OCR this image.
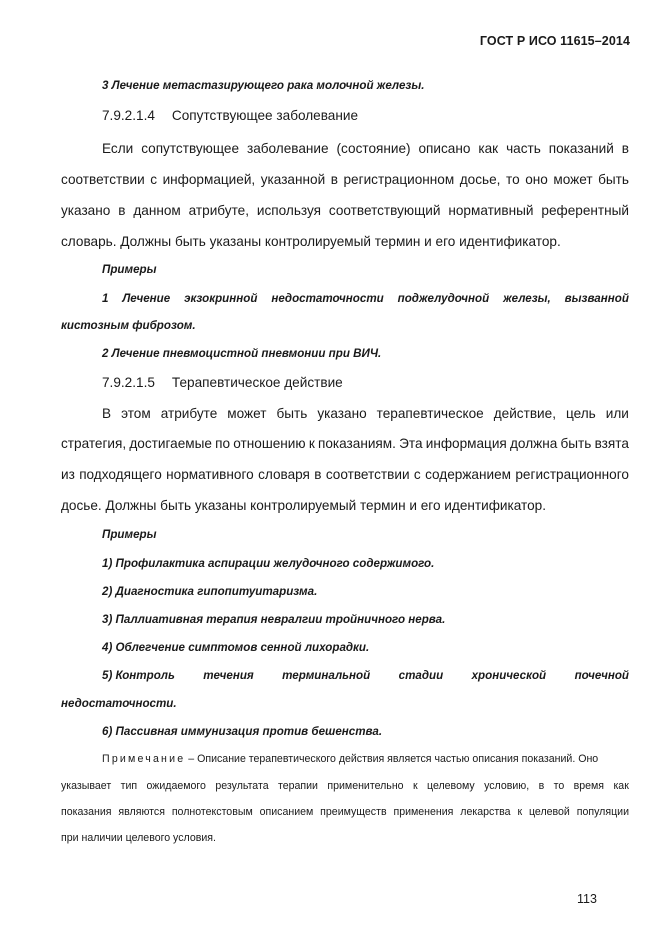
ГОСТ Р ИСО 11615–2014
3 Лечение метастазирующего рака молочной железы.
7.9.2.1.4 Сопутствующее заболевание
Если сопутствующее заболевание (состояние) описано как часть показаний в
соответствии с информацией, указанной в регистрационном досье, то оно может быть
указано в данном атрибуте, используя соответствующий нормативный референтный
словарь. Должны быть указаны контролируемый термин и его идентификатор.
Примеры
1 Лечение экзокринной недостаточности поджелудочной железы, вызванной
кистозным фиброзом.
2 Лечение пневмоцистной пневмонии при ВИЧ.
7.9.2.1.5 Терапевтическое действие
В этом атрибуте может быть указано терапевтическое действие, цель или
стратегия, достигаемые по отношению к показаниям. Эта информация должна быть взята
из подходящего нормативного словаря в соответствии с содержанием регистрационного
досье. Должны быть указаны контролируемый термин и его идентификатор.
Примеры
1) Профилактика аспирации желудочного содержимого.
2) Диагностика гипопитуитаризма.
3) Паллиативная терапия невралгии тройничного нерва.
4) Облегчение симптомов сенной лихорадки.
5) Контроль течения терминальной стадии хронической почечной
недостаточности.
6) Пассивная иммунизация против бешенства.
Примечание – Описание терапевтического действия является частью описания показаний. Оно
указывает тип ожидаемого результата терапии применительно к целевому условию, в то время как
показания являются полнотекстовым описанием преимуществ применения лекарства к целевой популяции
при наличии целевого условия.
113
